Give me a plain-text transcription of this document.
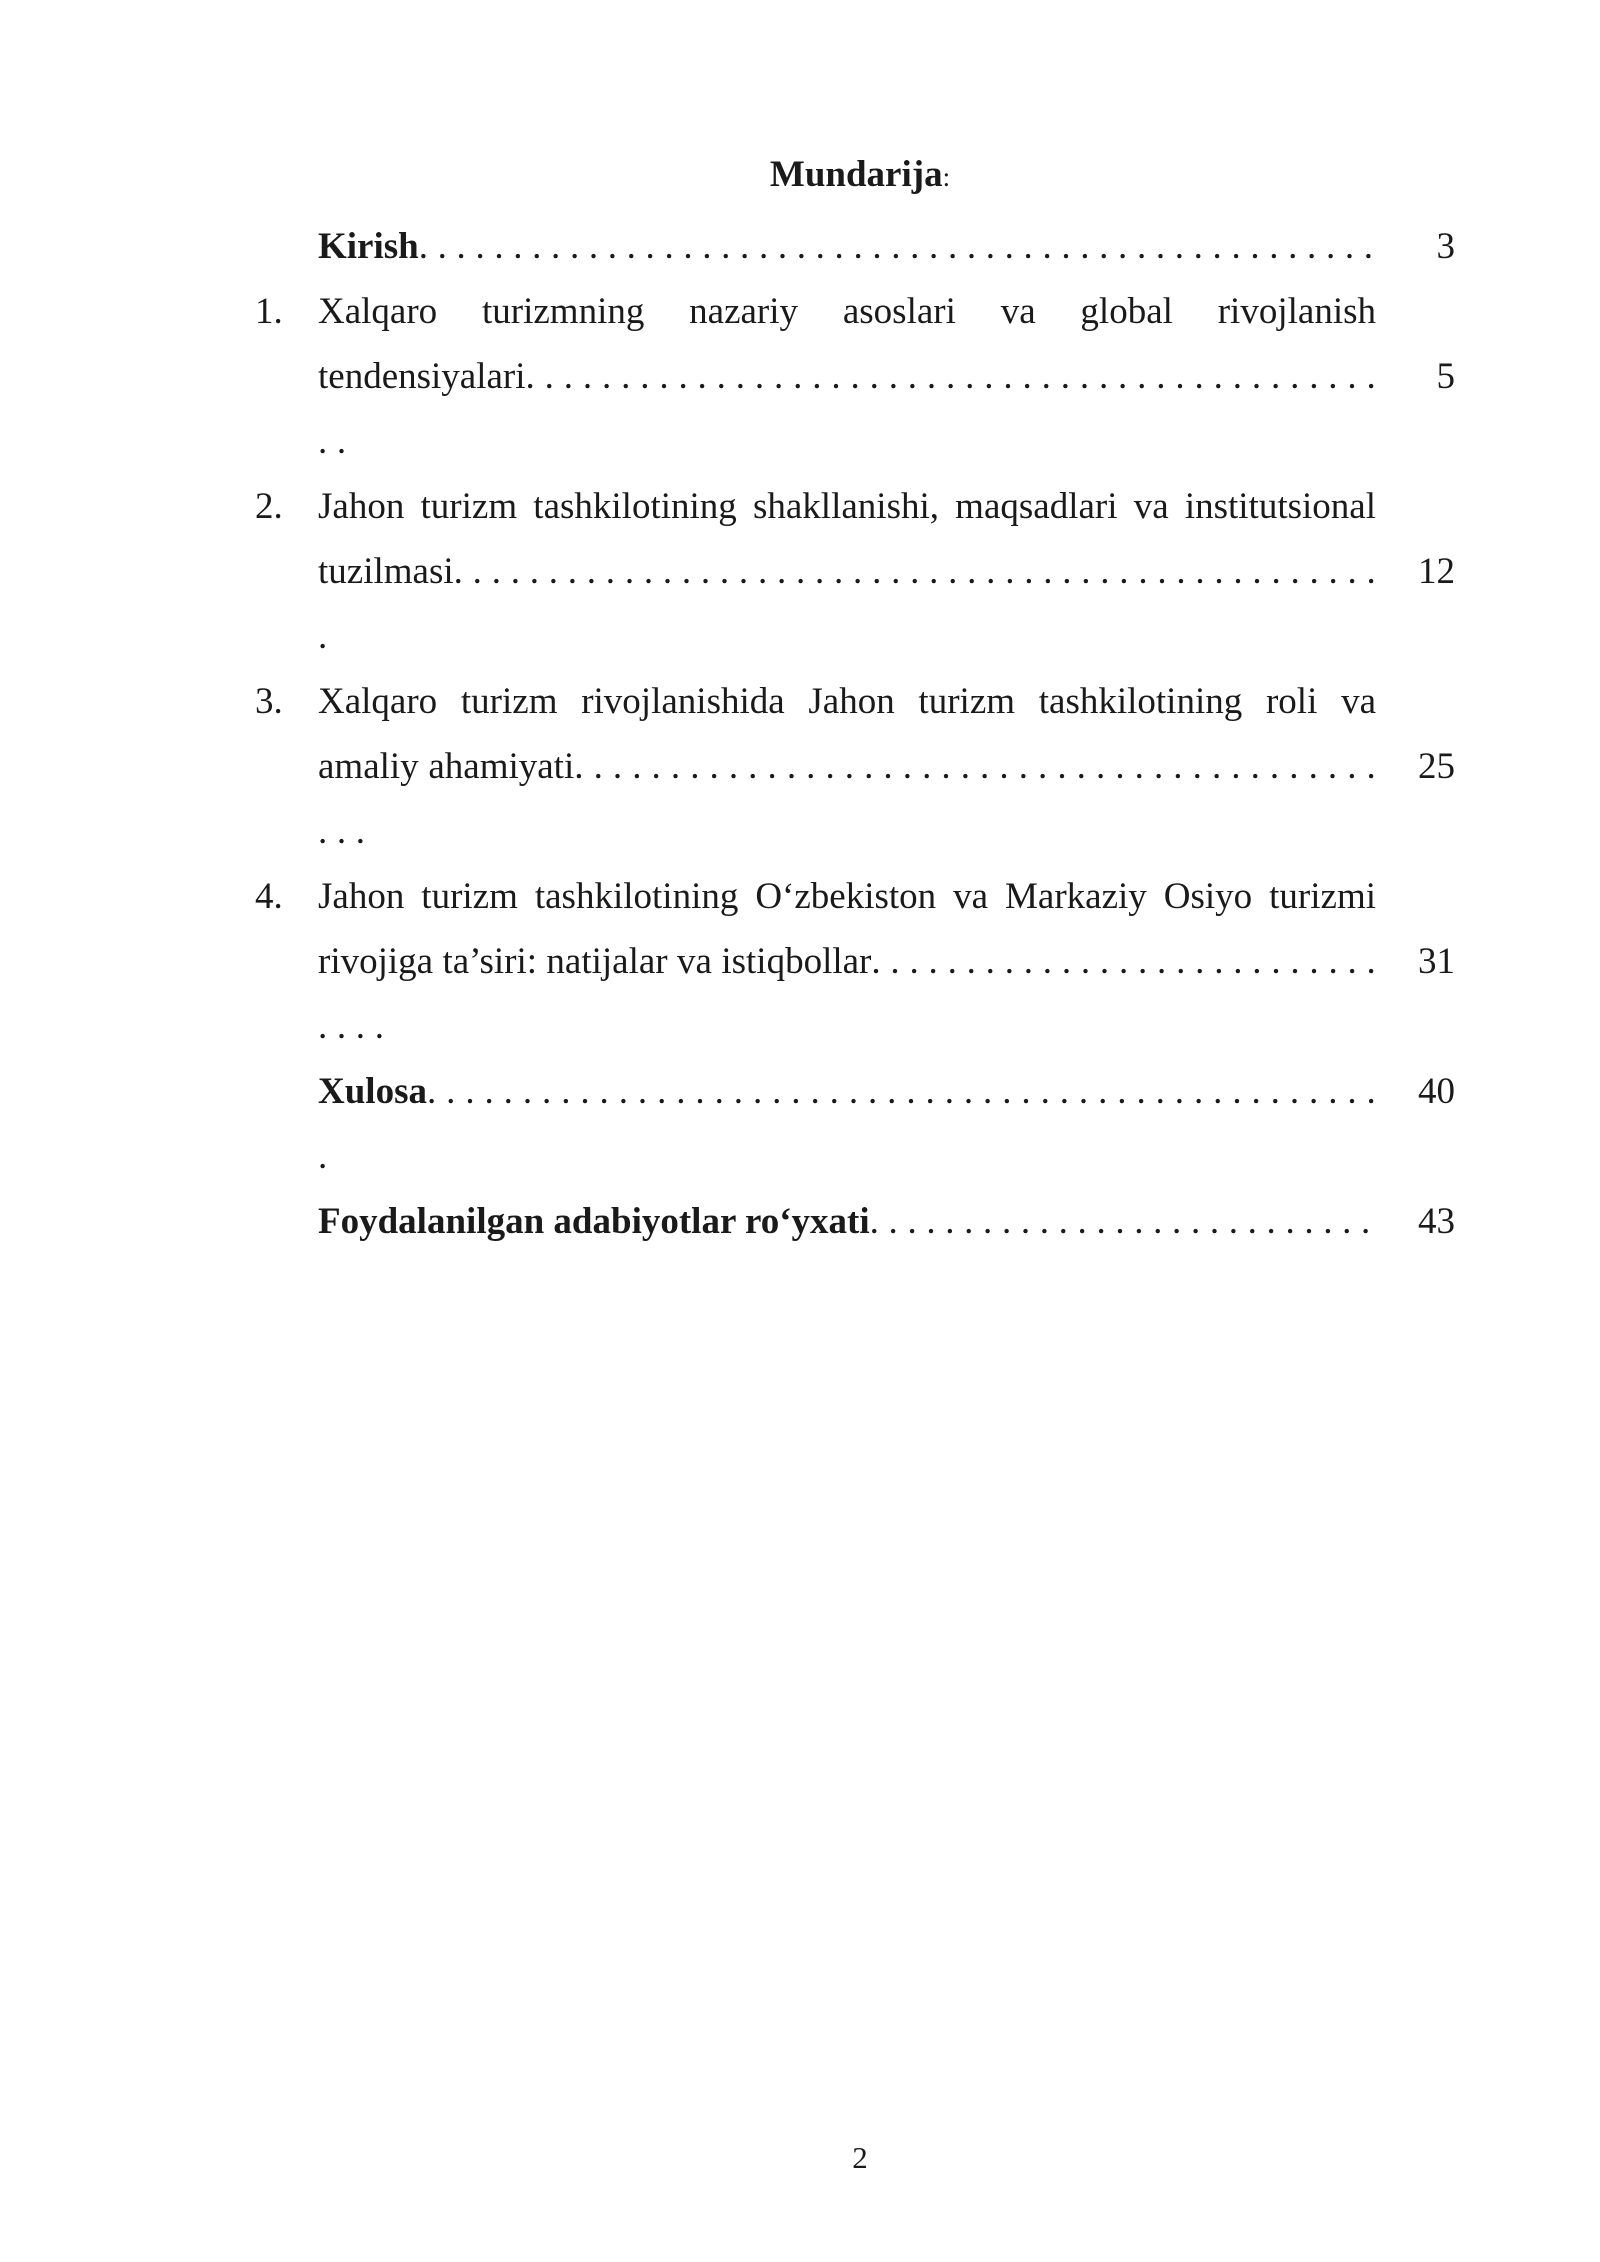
Mundarija:
Kirish. . . . . . . . . . . . . . . . . . . . . . . . . . . . . . . . . . . . . . . . . . . . . . . . . . .	3
1. Xalqaro turizmning nazariy asoslari va global rivojlanish tendensiyalari. . . . . . . . . . . . . . . . . . . . . . . . . . . . . . . . . . . . . . . . . . . . . . .
5
2. Jahon turizm tashkilotining shakllanishi, maqsadlari va institutsional tuzilmasi. . . . . . . . . . . . . . . . . . . . . . . . . . . . . . . . . . . . . . . . . . . . . . . . . .
12
3. Xalqaro turizm rivojlanishida Jahon turizm tashkilotining roli va amaliy ahamiyati. . . . . . . . . . . . . . . . . . . . . . . . . . . . . . . . . . . . . . . . . . . . .
25
4. Jahon turizm tashkilotining O‘zbekiston va Markaziy Osiyo turizmi rivojiga ta’siri: natijalar va istiqbollar. . . . . . . . . . . . . . . . . . . . . . . . . . . . . . .
31
Xulosa. . . . . . . . . . . . . . . . . . . . . . . . . . . . . . . . . . . . . . . . . . . . . . . . . . .
40
Foydalanilgan adabiyotlar ro‘yxati. . . . . . . . . . . . . . . . . . . . . . . . . . .	43
2
